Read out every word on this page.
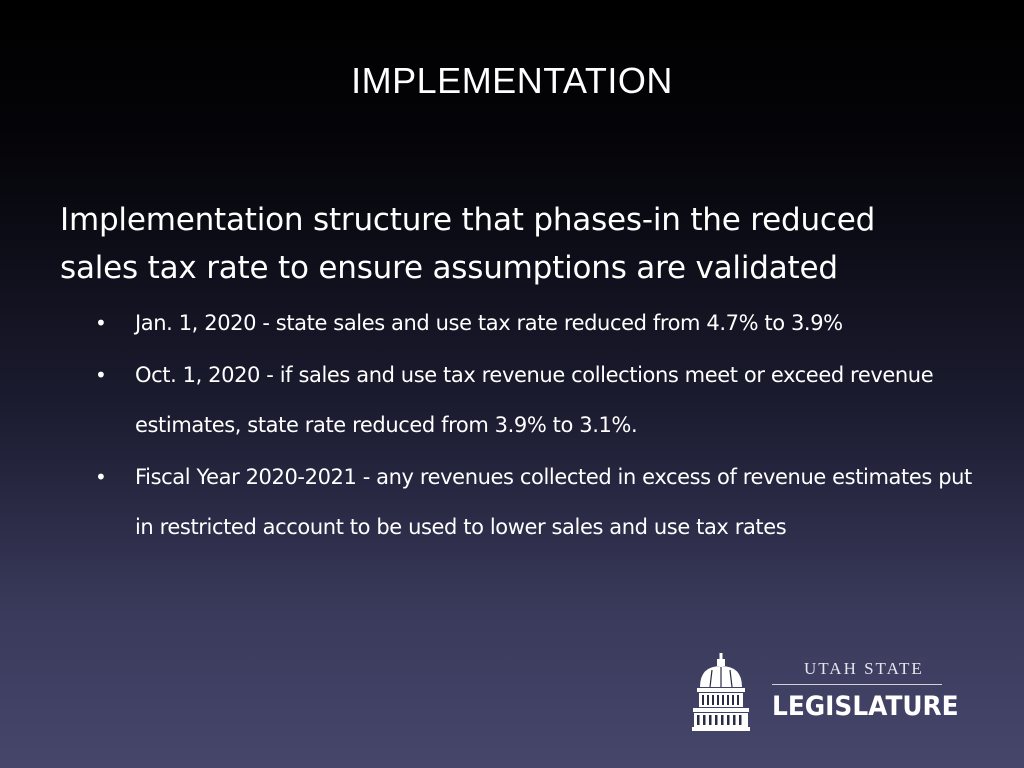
IMPLEMENTATION
Implementation structure that phases-in the reduced sales tax rate to ensure assumptions are validated
• Jan. 1, 2020 - state sales and use tax rate reduced from 4.7% to 3.9%
• Oct. 1, 2020 - if sales and use tax revenue collections meet or exceed revenue estimates, state rate reduced from 3.9% to 3.1%.
• Fiscal Year 2020-2021 - any revenues collected in excess of revenue estimates put in restricted account to be used to lower sales and use tax rates
UTAH STATE
LEGISLATURE
